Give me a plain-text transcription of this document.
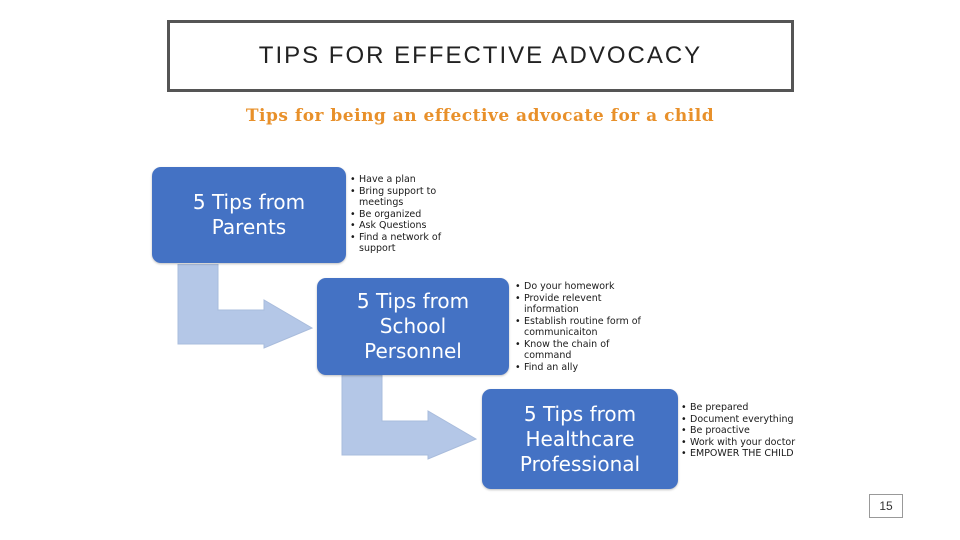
TIPS FOR EFFECTIVE ADVOCACY
Tips for being an effective advocate for a child
5 Tips from
Parents
• Have a plan
• Bring support to meetings
• Be organized
• Ask Questions
• Find a network of support
5 Tips from
School
Personnel
• Do your homework
• Provide relevent information
• Establish routine form of communicaiton
• Know the chain of command
• Find an ally
5 Tips from
Healthcare
Professional
• Be prepared
• Document everything
• Be proactive
• Work with your doctor
• EMPOWER THE CHILD
15
